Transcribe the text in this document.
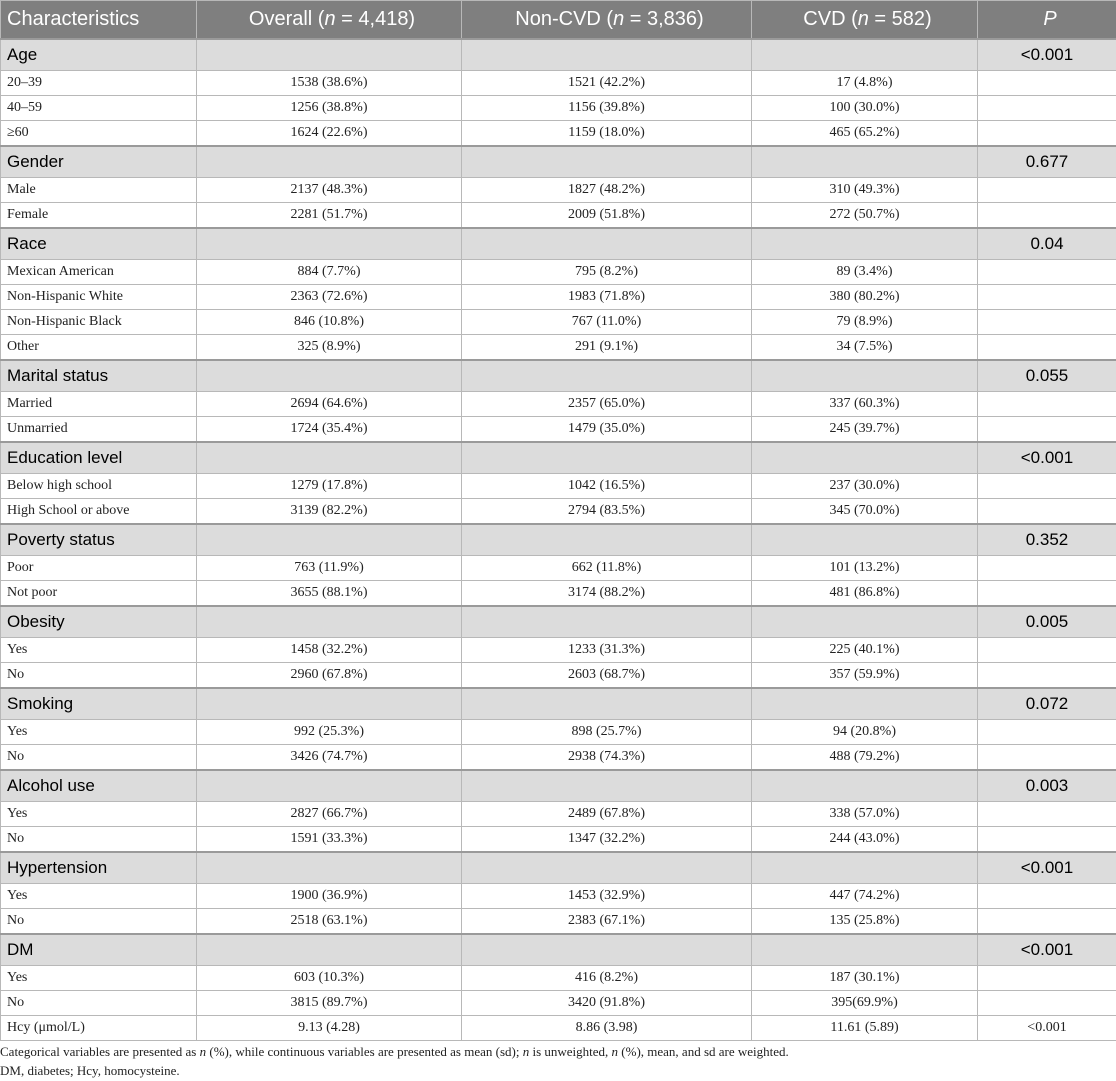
Characteristics	Overall (n = 4,418)	Non-CVD (n = 3,836)	CVD (n = 582)	P
Age				<0.001
20–39	1538 (38.6%)	1521 (42.2%)	17 (4.8%)	
40–59	1256 (38.8%)	1156 (39.8%)	100 (30.0%)	
≥60	1624 (22.6%)	1159 (18.0%)	465 (65.2%)	
Gender				0.677
Male	2137 (48.3%)	1827 (48.2%)	310 (49.3%)	
Female	2281 (51.7%)	2009 (51.8%)	272 (50.7%)	
Race				0.04
Mexican American	884 (7.7%)	795 (8.2%)	89 (3.4%)	
Non-Hispanic White	2363 (72.6%)	1983 (71.8%)	380 (80.2%)	
Non-Hispanic Black	846 (10.8%)	767 (11.0%)	79 (8.9%)	
Other	325 (8.9%)	291 (9.1%)	34 (7.5%)	
Marital status				0.055
Married	2694 (64.6%)	2357 (65.0%)	337 (60.3%)	
Unmarried	1724 (35.4%)	1479 (35.0%)	245 (39.7%)	
Education level				<0.001
Below high school	1279 (17.8%)	1042 (16.5%)	237 (30.0%)	
High School or above	3139 (82.2%)	2794 (83.5%)	345 (70.0%)	
Poverty status				0.352
Poor	763 (11.9%)	662 (11.8%)	101 (13.2%)	
Not poor	3655 (88.1%)	3174 (88.2%)	481 (86.8%)	
Obesity				0.005
Yes	1458 (32.2%)	1233 (31.3%)	225 (40.1%)	
No	2960 (67.8%)	2603 (68.7%)	357 (59.9%)	
Smoking				0.072
Yes	992 (25.3%)	898 (25.7%)	94 (20.8%)	
No	3426 (74.7%)	2938 (74.3%)	488 (79.2%)	
Alcohol use				0.003
Yes	2827 (66.7%)	2489 (67.8%)	338 (57.0%)	
No	1591 (33.3%)	1347 (32.2%)	244 (43.0%)	
Hypertension				<0.001
Yes	1900 (36.9%)	1453 (32.9%)	447 (74.2%)	
No	2518 (63.1%)	2383 (67.1%)	135 (25.8%)	
DM				<0.001
Yes	603 (10.3%)	416 (8.2%)	187 (30.1%)	
No	3815 (89.7%)	3420 (91.8%)	395(69.9%)	
Hcy (μmol/L)	9.13 (4.28)	8.86 (3.98)	11.61 (5.89)	<0.001

Categorical variables are presented as n (%), while continuous variables are presented as mean (sd); n is unweighted, n (%), mean, and sd are weighted.

DM, diabetes; Hcy, homocysteine.
